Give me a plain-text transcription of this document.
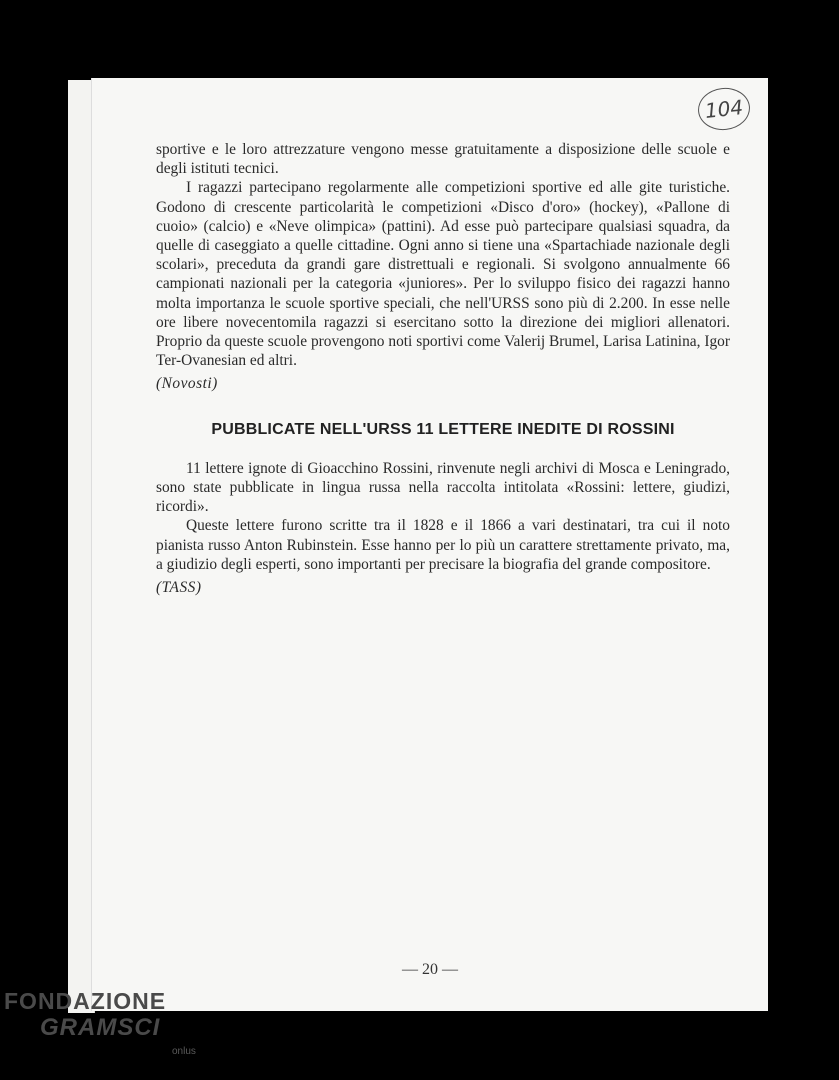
104

sportive e le loro attrezzature vengono messe gratuitamente a disposizione delle scuole e degli istituti tecnici.

I ragazzi partecipano regolarmente alle competizioni sportive ed alle gite turistiche. Godono di crescente particolarità le competizioni «Disco d'oro» (hockey), «Pallone di cuoio» (calcio) e «Neve olimpica» (pattini). Ad esse può partecipare qualsiasi squadra, da quelle di caseggiato a quelle cittadine. Ogni anno si tiene una «Spartachiade nazionale degli scolari», preceduta da grandi gare distrettuali e regionali. Si svolgono annualmente 66 campionati nazionali per la categoria «juniores». Per lo sviluppo fisico dei ragazzi hanno molta importanza le scuole sportive speciali, che nell'URSS sono più di 2.200. In esse nelle ore libere novecentomila ragazzi si esercitano sotto la direzione dei migliori allenatori. Proprio da queste scuole provengono noti sportivi come Valerij Brumel, Larisa Latinina, Igor Ter-Ovanesian ed altri.

(Novosti)

PUBBLICATE NELL'URSS 11 LETTERE INEDITE DI ROSSINI

11 lettere ignote di Gioacchino Rossini, rinvenute negli archivi di Mosca e Leningrado, sono state pubblicate in lingua russa nella raccolta intitolata «Rossini: lettere, giudizi, ricordi».

Queste lettere furono scritte tra il 1828 e il 1866 a vari destinatari, tra cui il noto pianista russo Anton Rubinstein. Esse hanno per lo più un carattere strettamente privato, ma, a giudizio degli esperti, sono importanti per precisare la biografia del grande compositore.

(TASS)

— 20 —
FONDAZIONE
GRAMSCI
onlus
